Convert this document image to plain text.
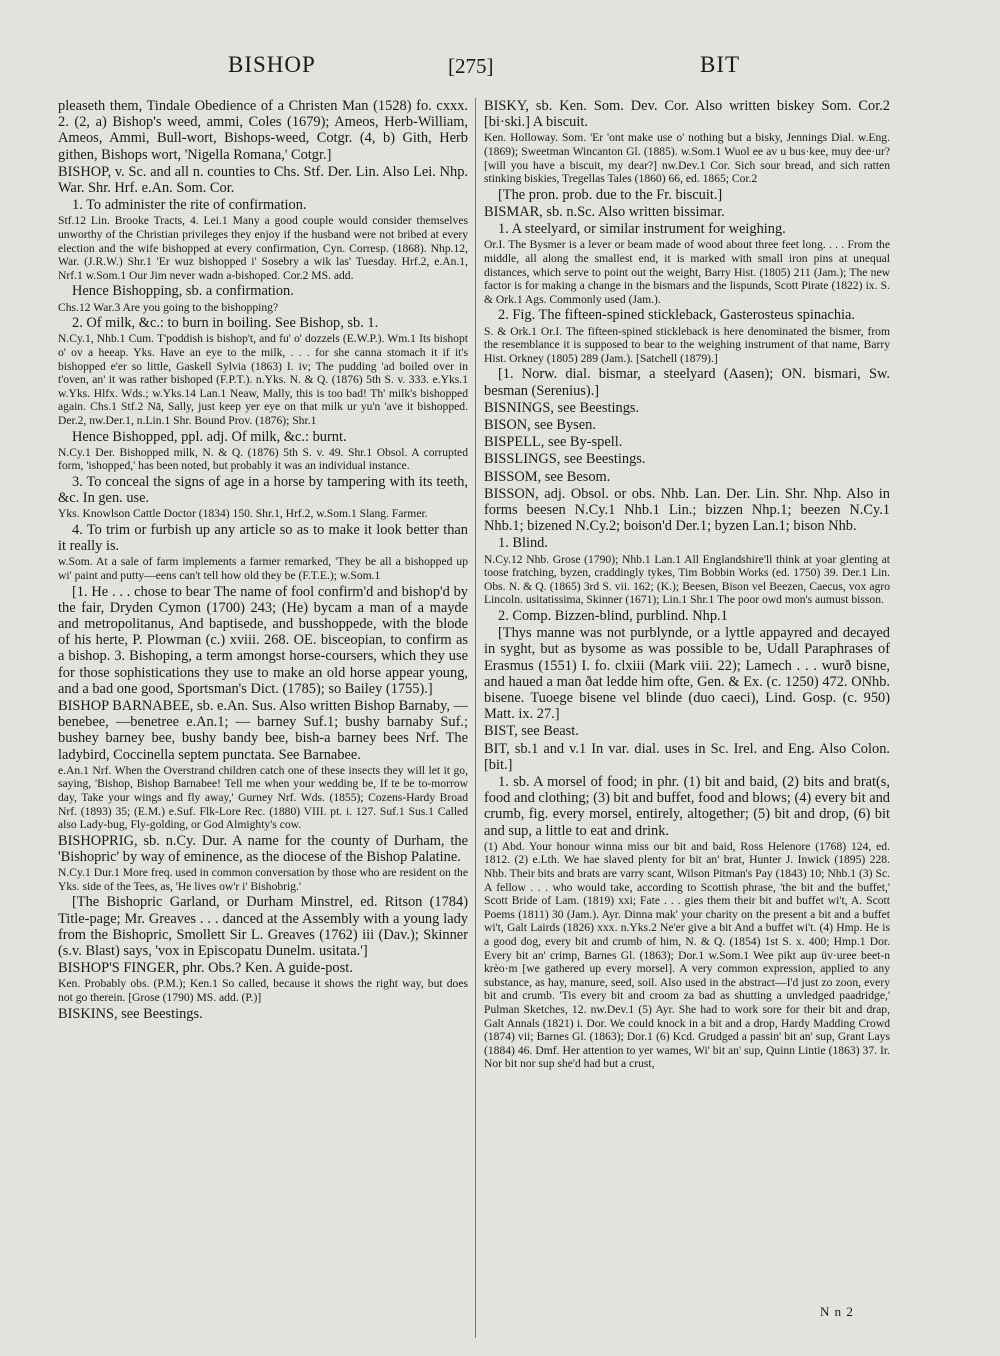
BISHOP	[275]	BIT

pleaseth them, Tindale Obedience of a Christen Man (1528) fo. cxxx. 2. (2, a) Bishop's weed, ammi, Coles (1679); Ameos, Herb-William, Ameos, Ammi, Bull-wort, Bishops-weed, Cotgr. (4, b) Gith, Herb githen, Bishops wort, 'Nigella Romana,' Cotgr.]

BISHOP, v. Sc. and all n. counties to Chs. Stf. Der. Lin. Also Lei. Nhp. War. Shr. Hrf. e.An. Som. Cor.

1. To administer the rite of confirmation.

Stf.12 Lin. Brooke Tracts, 4. Lei.1 Many a good couple would consider themselves unworthy of the Christian privileges they enjoy if the husband were not bribed at every election and the wife bishopped at every confirmation, Cyn. Corresp. (1868). Nhp.12, War. (J.R.W.) Shr.1 'Er wuz bishopped i' Sosebry a wik las' Tuesday. Hrf.2, e.An.1, Nrf.1 w.Som.1 Our Jim never wadn a-bishoped. Cor.2 MS. add.

Hence Bishopping, sb. a confirmation.

Chs.12 War.3 Are you going to the bishopping?

2. Of milk, &c.: to burn in boiling. See Bishop, sb. 1.

N.Cy.1, Nhb.1 Cum. T'poddish is bishop't, and fu' o' dozzels (E.W.P.). Wm.1 Its bishopt o' ov a heeap. Yks. Have an eye to the milk, . . . for she canna stomach it if it's bishopped e'er so little, Gaskell Sylvia (1863) I. iv; The pudding 'ad boiled over in t'oven, an' it was rather bishoped (F.P.T.). n.Yks. N. & Q. (1876) 5th S. v. 333. e.Yks.1 w.Yks. Hlfx. Wds.; w.Yks.14 Lan.1 Neaw, Mally, this is too bad! Th' milk's bishopped again. Chs.1 Stf.2 Nā, Sally, just keep yer eye on that milk ur yu'n 'ave it bishopped. Der.2, nw.Der.1, n.Lin.1 Shr. Bound Prov. (1876); Shr.1

Hence Bishopped, ppl. adj. Of milk, &c.: burnt.

N.Cy.1 Der. Bishopped milk, N. & Q. (1876) 5th S. v. 49. Shr.1 Obsol. A corrupted form, 'ishopped,' has been noted, but probably it was an individual instance.

3. To conceal the signs of age in a horse by tampering with its teeth, &c. In gen. use.

Yks. Knowlson Cattle Doctor (1834) 150. Shr.1, Hrf.2, w.Som.1 Slang. Farmer.

4. To trim or furbish up any article so as to make it look better than it really is.

w.Som. At a sale of farm implements a farmer remarked, 'They be all a bishopped up wi' paint and putty—eens can't tell how old they be (F.T.E.); w.Som.1

[1. He . . . chose to bear The name of fool confirm'd and bishop'd by the fair, Dryden Cymon (1700) 243; (He) bycam a man of a mayde and metropolitanus, And baptisede, and busshoppede, with the blode of his herte, P. Plowman (c.) xviii. 268. OE. bisceopian, to confirm as a bishop. 3. Bishoping, a term amongst horse-coursers, which they use for those sophistications they use to make an old horse appear young, and a bad one good, Sportsman's Dict. (1785); so Bailey (1755).]

BISHOP BARNABEE, sb. e.An. Sus. Also written Bishop Barnaby, —benebee, —benetree e.An.1; — barney Suf.1; bushy barnaby Suf.; bushey barney bee, bushy bandy bee, bish-a barney bees Nrf. The ladybird, Coccinella septem punctata. See Barnabee.

e.An.1 Nrf. When the Overstrand children catch one of these insects they will let it go, saying, 'Bishop, Bishop Barnabee! Tell me when your wedding be, If te be to-morrow day, Take your wings and fly away,' Gurney Nrf. Wds. (1855); Cozens-Hardy Broad Nrf. (1893) 35; (E.M.) e.Suf. Flk-Lore Rec. (1880) VIII. pt. i. 127. Suf.1 Sus.1 Called also Lady-bug, Fly-golding, or God Almighty's cow.

BISHOPRIG, sb. n.Cy. Dur. A name for the county of Durham, the 'Bishopric' by way of eminence, as the diocese of the Bishop Palatine.

N.Cy.1 Dur.1 More freq. used in common conversation by those who are resident on the Yks. side of the Tees, as, 'He lives ow'r i' Bishobrig.'

[The Bishopric Garland, or Durham Minstrel, ed. Ritson (1784) Title-page; Mr. Greaves . . . danced at the Assembly with a young lady from the Bishopric, Smollett Sir L. Greaves (1762) iii (Dav.); Skinner (s.v. Blast) says, 'vox in Episcopatu Dunelm. usitata.']

BISHOP'S FINGER, phr. Obs.? Ken. A guide-post.

Ken. Probably obs. (P.M.); Ken.1 So called, because it shows the right way, but does not go therein. [Grose (1790) MS. add. (P.)]

BISKINS, see Beestings.

BISKY, sb. Ken. Som. Dev. Cor. Also written biskey Som. Cor.2 [bi·ski.] A biscuit.

Ken. Holloway. Som. 'Er 'ont make use o' nothing but a bisky, Jennings Dial. w.Eng. (1869); Sweetman Wincanton Gl. (1885). w.Som.1 Wuol ee av u bus·kee, muy dee·ur? [will you have a biscuit, my dear?] nw.Dev.1 Cor. Sich sour bread, and sich ratten stinking biskies, Tregellas Tales (1860) 66, ed. 1865; Cor.2

[The pron. prob. due to the Fr. biscuit.]

BISMAR, sb. n.Sc. Also written bissimar.

1. A steelyard, or similar instrument for weighing.

Or.I. The Bysmer is a lever or beam made of wood about three feet long. . . . From the middle, all along the smallest end, it is marked with small iron pins at unequal distances, which serve to point out the weight, Barry Hist. (1805) 211 (Jam.); The new factor is for making a change in the bismars and the lispunds, Scott Pirate (1822) ix. S. & Ork.1 Ags. Commonly used (Jam.).

2. Fig. The fifteen-spined stickleback, Gasterosteus spinachia.

S. & Ork.1 Or.I. The fifteen-spined stickleback is here denominated the bismer, from the resemblance it is supposed to bear to the weighing instrument of that name, Barry Hist. Orkney (1805) 289 (Jam.). [Satchell (1879).]

[1. Norw. dial. bismar, a steelyard (Aasen); ON. bismari, Sw. besman (Serenius).]

BISNINGS, see Beestings.

BISON, see Bysen.

BISPELL, see By-spell.

BISSLINGS, see Beestings.

BISSOM, see Besom.

BISSON, adj. Obsol. or obs. Nhb. Lan. Der. Lin. Shr. Nhp. Also in forms beesen N.Cy.1 Nhb.1 Lin.; bizzen Nhp.1; beezen N.Cy.1 Nhb.1; bizened N.Cy.2; boison'd Der.1; byzen Lan.1; bison Nhb.

1. Blind.

N.Cy.12 Nhb. Grose (1790); Nhb.1 Lan.1 All Englandshire'll think at yoar glenting at toose fratching, byzen, craddingly tykes, Tim Bobbin Works (ed. 1750) 39. Der.1 Lin. Obs. N. & Q. (1865) 3rd S. vii. 162; (K.); Beesen, Bison vel Beezen, Caecus, vox agro Lincoln. usitatissima, Skinner (1671); Lin.1 Shr.1 The poor owd mon's aumust bisson.

2. Comp. Bizzen-blind, purblind. Nhp.1

[Thys manne was not purblynde, or a lyttle appayred and decayed in syght, but as bysome as was possible to be, Udall Paraphrases of Erasmus (1551) I. fo. clxiii (Mark viii. 22); Lamech . . . wurð bisne, and haued a man ðat ledde him ofte, Gen. & Ex. (c. 1250) 472. ONhb. bisene. Tuoege bisene vel blinde (duo caeci), Lind. Gosp. (c. 950) Matt. ix. 27.]

BIST, see Beast.

BIT, sb.1 and v.1 In var. dial. uses in Sc. Irel. and Eng. Also Colon. [bit.]

1. sb. A morsel of food; in phr. (1) bit and baid, (2) bits and brat(s, food and clothing; (3) bit and buffet, food and blows; (4) every bit and crumb, fig. every morsel, entirely, altogether; (5) bit and drop, (6) bit and sup, a little to eat and drink.

(1) Abd. Your honour winna miss our bit and baid, Ross Helenore (1768) 124, ed. 1812. (2) e.Lth. We hae slaved plenty for bit an' brat, Hunter J. Inwick (1895) 228. Nhb. Their bits and brats are varry scant, Wilson Pitman's Pay (1843) 10; Nhb.1 (3) Sc. A fellow . . . who would take, according to Scottish phrase, 'the bit and the buffet,' Scott Bride of Lam. (1819) xxi; Fate . . . gies them their bit and buffet wi't, A. Scott Poems (1811) 30 (Jam.). Ayr. Dinna mak' your charity on the present a bit and a buffet wi't, Galt Lairds (1826) xxx. n.Yks.2 Ne'er give a bit And a buffet wi't. (4) Hmp. He is a good dog, every bit and crumb of him, N. & Q. (1854) 1st S. x. 400; Hmp.1 Dor. Every bit an' crimp, Barnes Gl. (1863); Dor.1 w.Som.1 Wee pikt aup üv·uree beet-n krèo·m [we gathered up every morsel]. A very common expression, applied to any substance, as hay, manure, seed, soil. Also used in the abstract—I'd just zo zoon, every bit and crumb. 'Tis every bit and croom za bad as shutting a unvledged paadridge,' Pulman Sketches, 12. nw.Dev.1 (5) Ayr. She had to work sore for their bit and drap, Galt Annals (1821) i. Dor. We could knock in a bit and a drop, Hardy Madding Crowd (1874) vii; Barnes Gl. (1863); Dor.1 (6) Kcd. Grudged a passin' bit an' sup, Grant Lays (1884) 46. Dmf. Her attention to yer wames, Wi' bit an' sup, Quinn Lintie (1863) 37. Ir. Nor bit nor sup she'd had but a crust,

N n 2
